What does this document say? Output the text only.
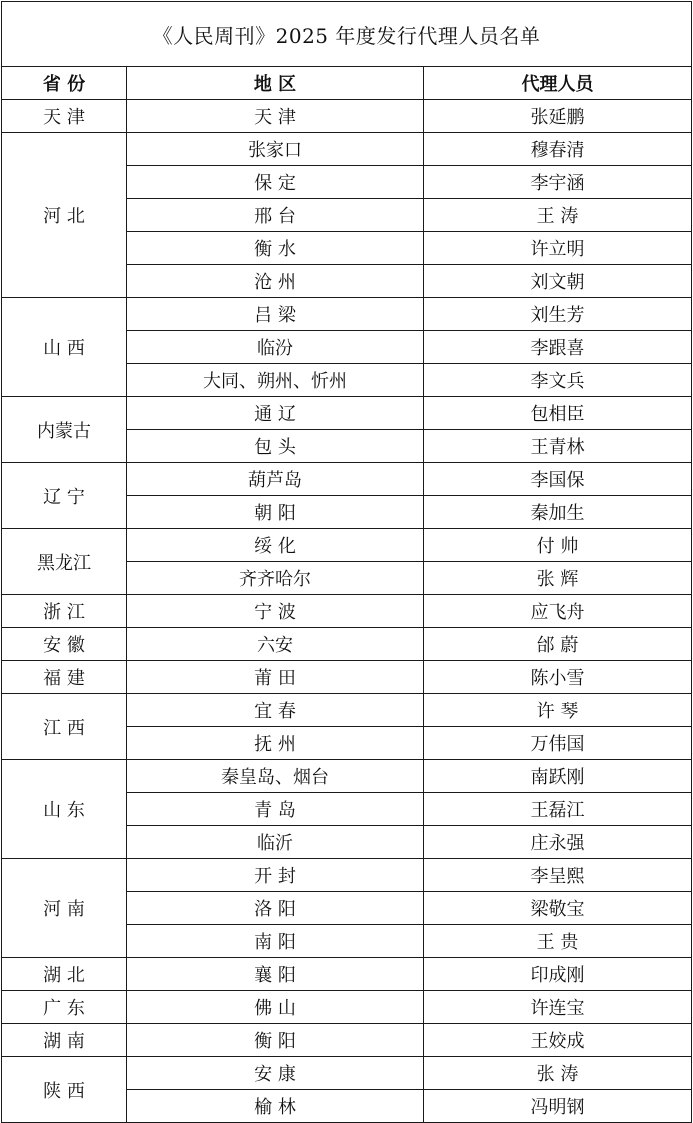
《人民周刊》2025 年度发行代理人员名单		
省 份	地 区	代理人员
天 津	天 津	张延鹏
河 北	张家口	穆春清
	保 定	李宇涵
	邢 台	王 涛
	衡 水	许立明
	沧 州	刘文朝
山 西	吕 梁	刘生芳
	临汾	李跟喜
	大同、朔州、忻州	李文兵
内蒙古	通 辽	包相臣
	包 头	王青林
辽 宁	葫芦岛	李国保
	朝 阳	秦加生
黑龙江	绥 化	付 帅
	齐齐哈尔	张 辉
浙 江	宁 波	应飞舟
安 徽	六安	邰 蔚
福 建	莆 田	陈小雪
江 西	宜 春	许 琴
	抚 州	万伟国
山 东	秦皇岛、烟台	南跃刚
	青 岛	王磊江
	临沂	庄永强
河 南	开 封	李呈熙
	洛 阳	梁敬宝
	南 阳	王 贵
湖 北	襄 阳	印成刚
广 东	佛 山	许连宝
湖 南	衡 阳	王姣成
陕 西	安 康	张 涛
	榆 林	冯明钢
